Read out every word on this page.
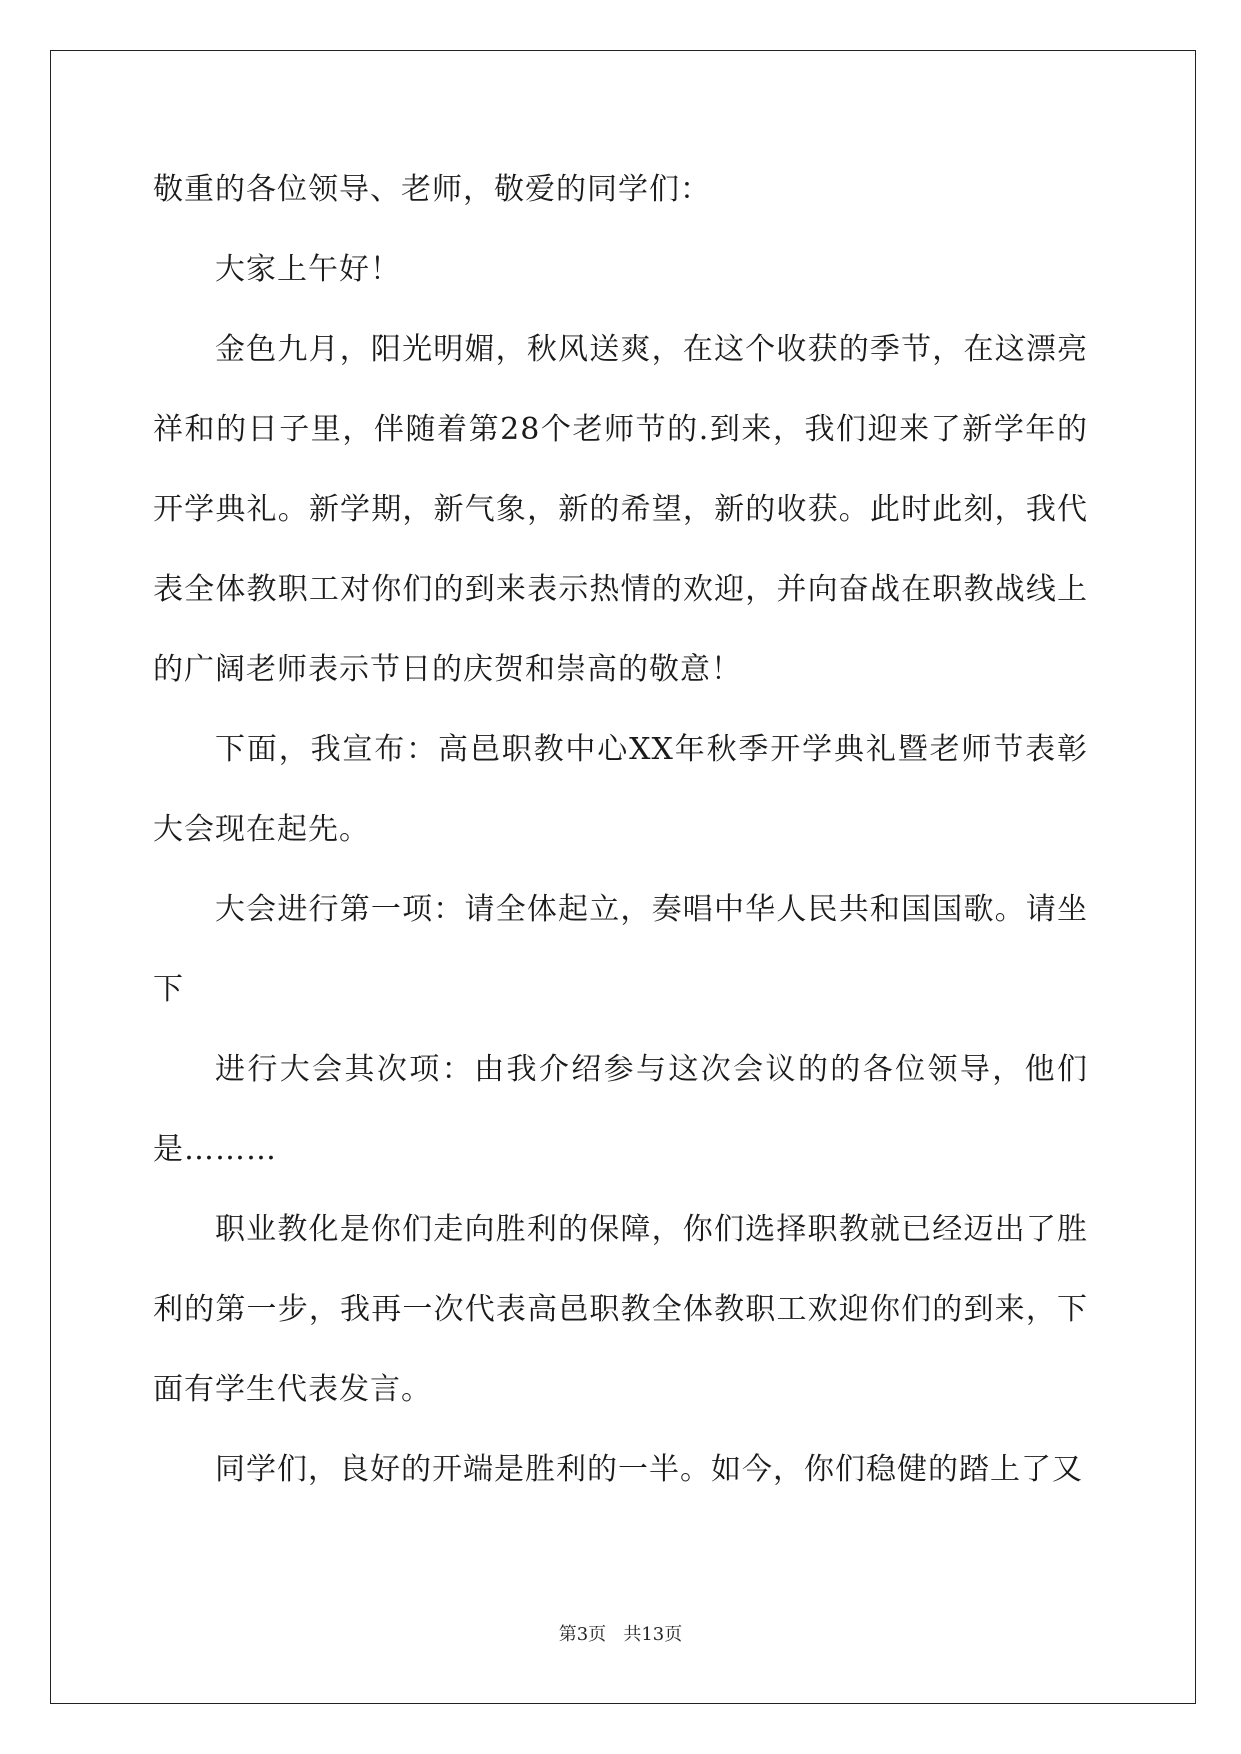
敬重的各位领导、老师，敬爱的同学们：

大家上午好！

金色九月，阳光明媚，秋风送爽，在这个收获的季节，在这漂亮祥和的日子里，伴随着第28个老师节的.到来，我们迎来了新学年的开学典礼。新学期，新气象，新的希望，新的收获。此时此刻，我代表全体教职工对你们的到来表示热情的欢迎，并向奋战在职教战线上的广阔老师表示节日的庆贺和崇高的敬意！

下面，我宣布：高邑职教中心XX年秋季开学典礼暨老师节表彰大会现在起先。

大会进行第一项：请全体起立，奏唱中华人民共和国国歌。请坐下

进行大会其次项：由我介绍参与这次会议的的各位领导，他们是………

职业教化是你们走向胜利的保障，你们选择职教就已经迈出了胜利的第一步，我再一次代表高邑职教全体教职工欢迎你们的到来，下面有学生代表发言。

同学们，良好的开端是胜利的一半。如今，你们稳健的踏上了又

第3页 共13页
